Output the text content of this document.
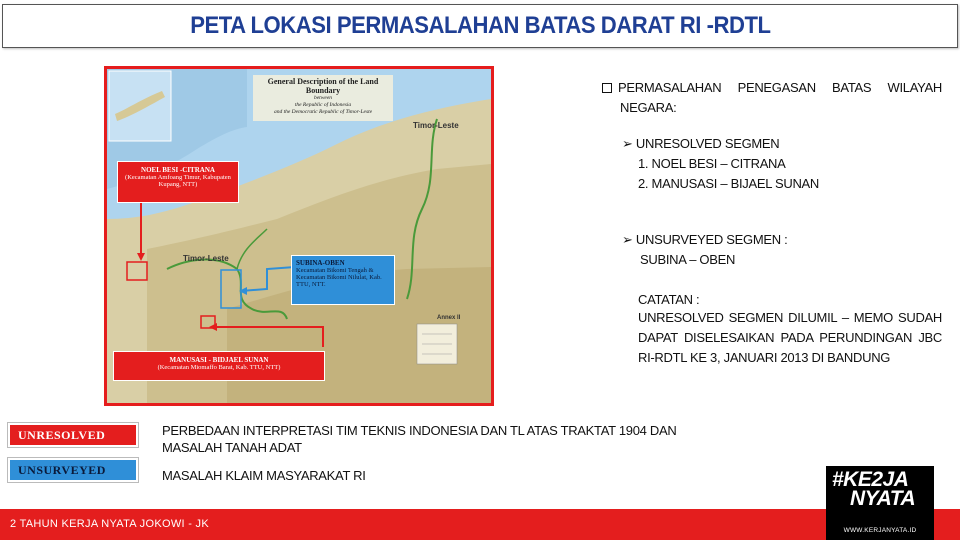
PETA LOKASI PERMASALAHAN BATAS DARAT RI -RDTL
General Description of the Land Boundary
between
the Republic of Indonesia
and the Democratic Republic of Timor-Leste
Timor-Leste
Timor-Leste
Annex II
NOEL BESI -CITRANA
(Kecamatan Amfoang Timur, Kabupaten Kupang, NTT)
SUBINA-OBEN
Kecamatan Bikomi Tengah & Kecamatan Bikomi Nilulat, Kab. TTU, NTT.
MANUSASI - BIDJAEL SUNAN
(Kecamatan Miomaffo Barat, Kab. TTU, NTT)
PERMASALAHAN PENEGASAN BATAS WILAYAH NEGARA:
➢ UNRESOLVED SEGMEN
1. NOEL BESI – CITRANA
2. MANUSASI – BIJAEL SUNAN
➢ UNSURVEYED SEGMEN :
SUBINA – OBEN
CATATAN :
UNRESOLVED SEGMEN DILUMIL – MEMO SUDAH DAPAT DISELESAIKAN PADA PERUNDINGAN JBC RI-RDTL KE 3, JANUARI 2013 DI BANDUNG
UNRESOLVED	PERBEDAAN INTERPRETASI TIM TEKNIS INDONESIA DAN TL ATAS TRAKTAT 1904 DAN MASALAH TANAH ADAT
UNSURVEYED	MASALAH KLAIM MASYARAKAT RI
2 TAHUN KERJA NYATA JOKOWI - JK
#KE2JA
NYATA
WWW.KERJANYATA.ID
